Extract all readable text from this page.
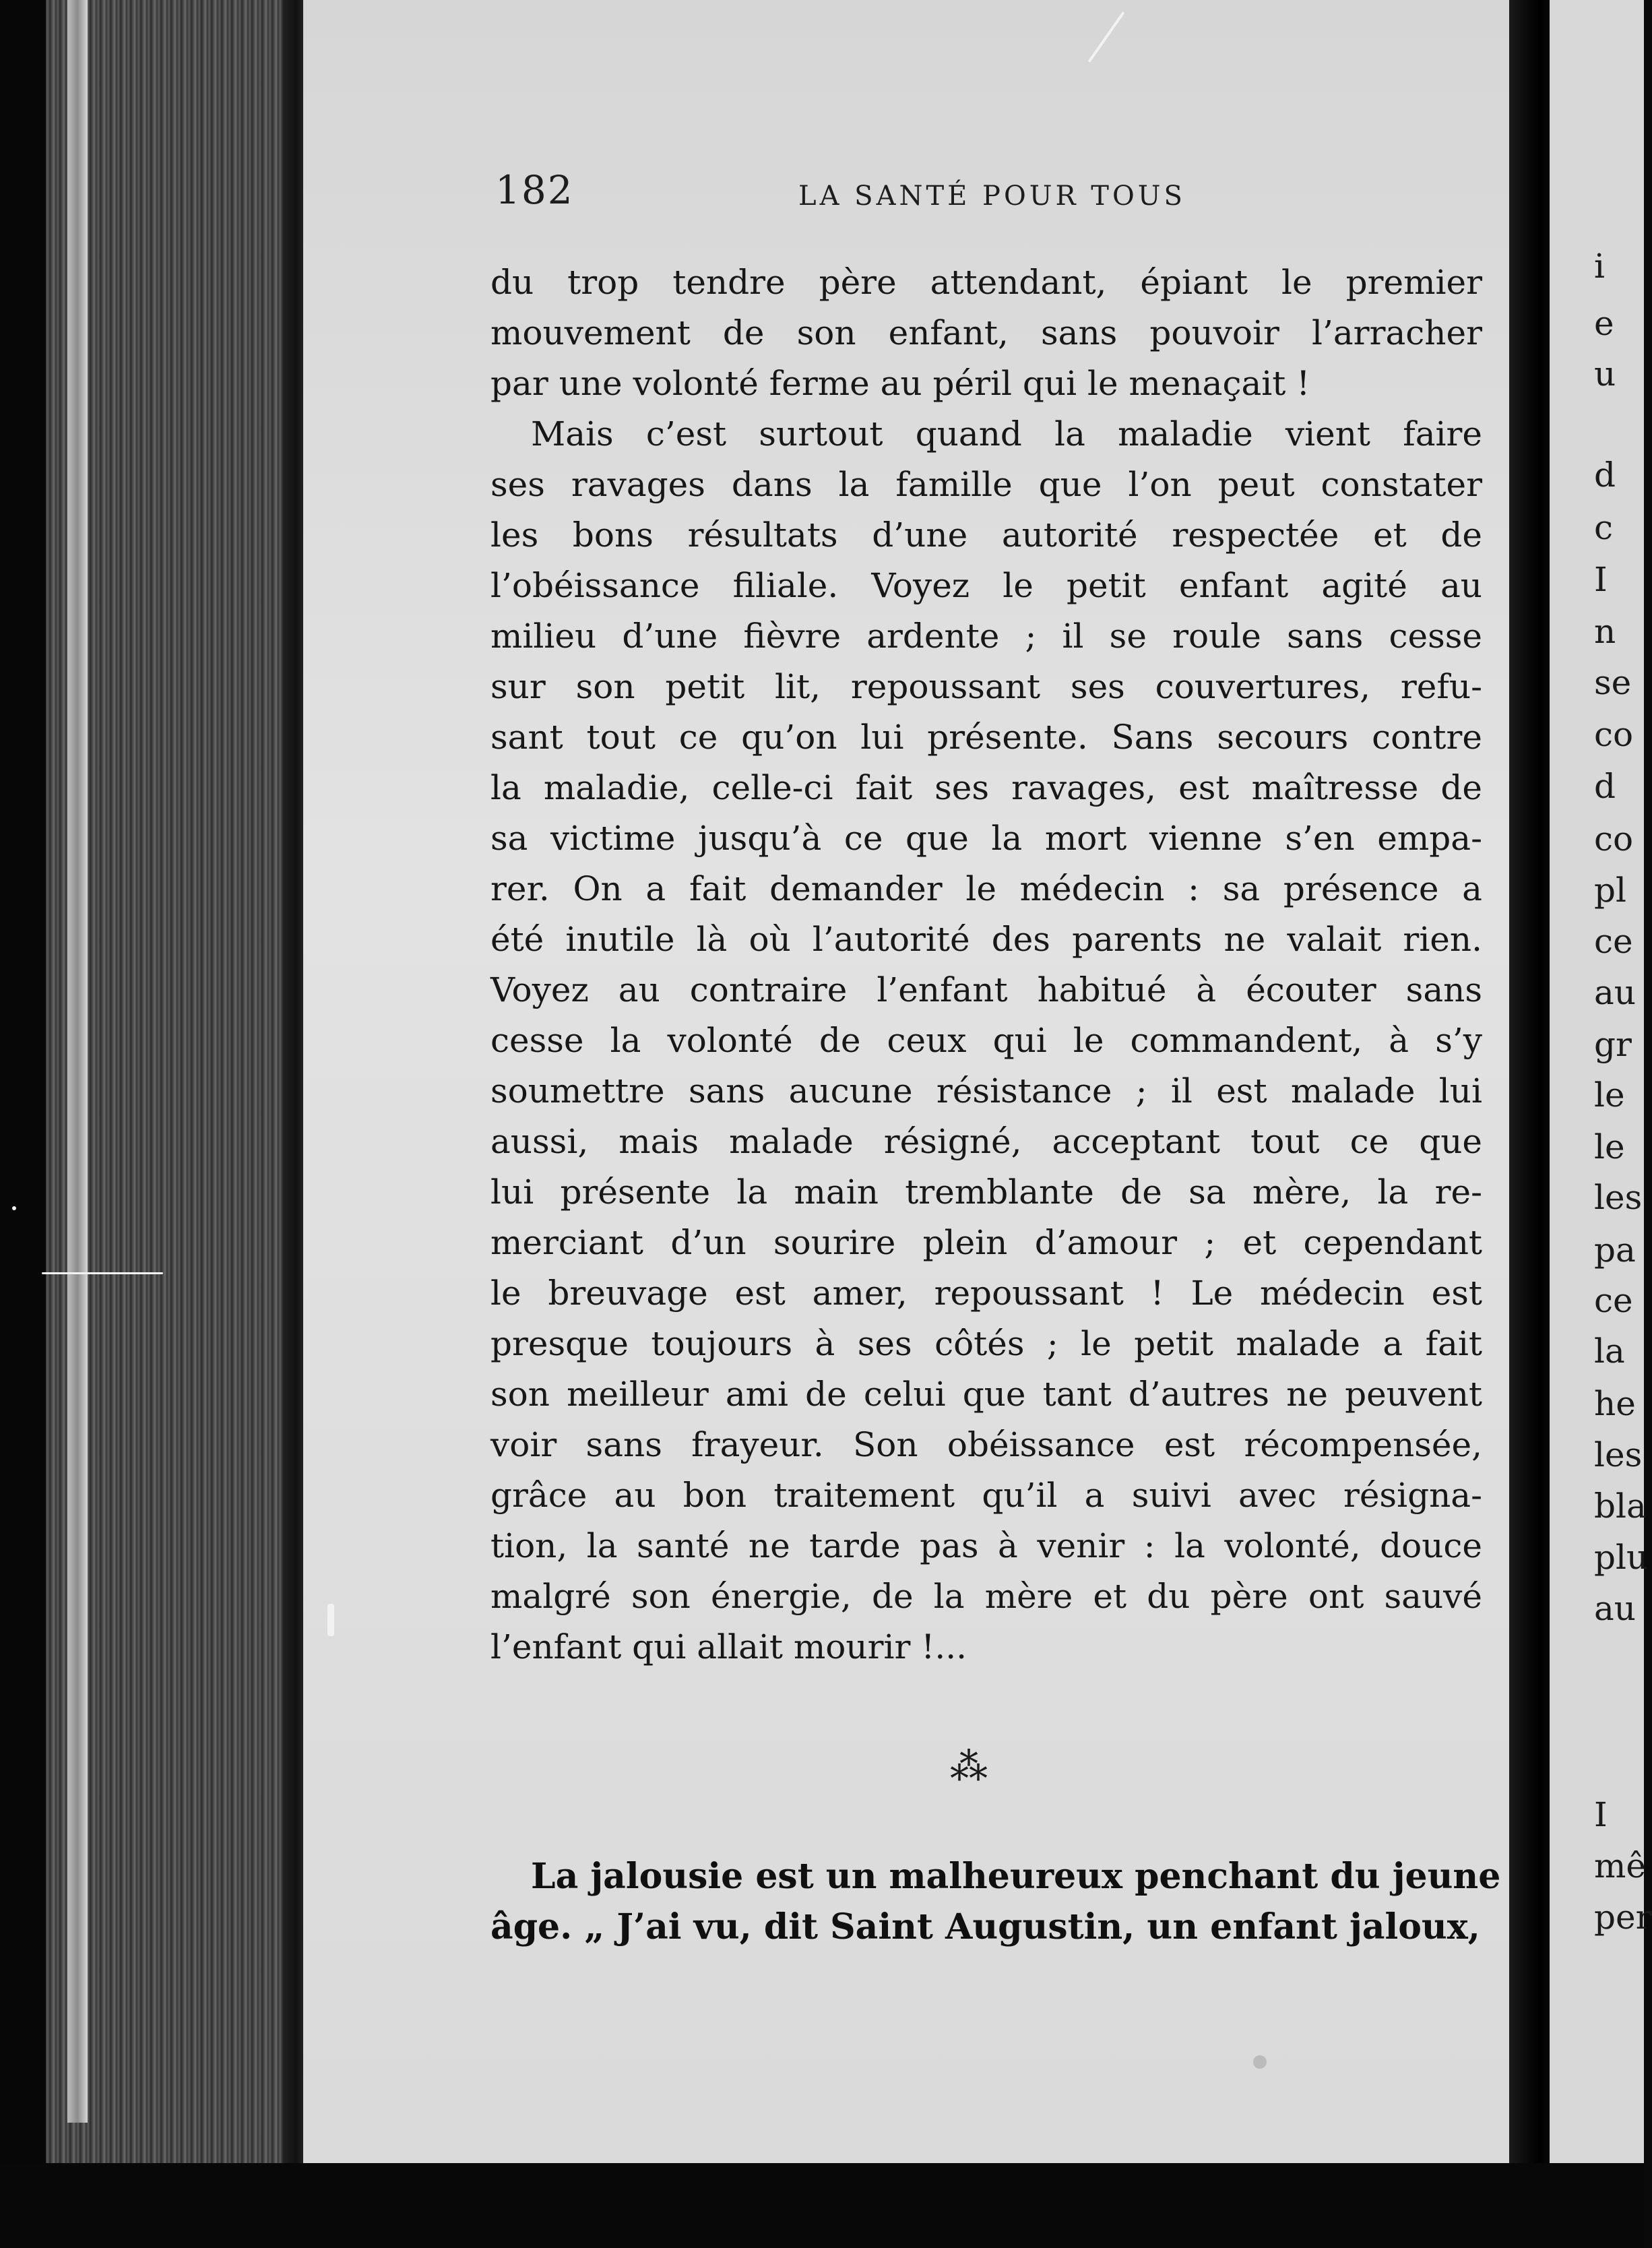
182	LA SANTÉ POUR TOUS
du trop tendre père attendant, épiant le premier
mouvement de son enfant, sans pouvoir l’arracher
par une volonté ferme au péril qui le menaçait !
Mais c’est surtout quand la maladie vient faire
ses ravages dans la famille que l’on peut constater
les bons résultats d’une autorité respectée et de
l’obéissance filiale. Voyez le petit enfant agité au
milieu d’une fièvre ardente ; il se roule sans cesse
sur son petit lit, repoussant ses couvertures, refu-
sant tout ce qu’on lui présente. Sans secours contre
la maladie, celle-ci fait ses ravages, est maîtresse de
sa victime jusqu’à ce que la mort vienne s’en empa-
rer. On a fait demander le médecin : sa présence a
été inutile là où l’autorité des parents ne valait rien.
Voyez au contraire l’enfant habitué à écouter sans
cesse la volonté de ceux qui le commandent, à s’y
soumettre sans aucune résistance ; il est malade lui
aussi, mais malade résigné, acceptant tout ce que
lui présente la main tremblante de sa mère, la re-
merciant d’un sourire plein d’amour ; et cependant
le breuvage est amer, repoussant ! Le médecin est
presque toujours à ses côtés ; le petit malade a fait
son meilleur ami de celui que tant d’autres ne peuvent
voir sans frayeur. Son obéissance est récompensée,
grâce au bon traitement qu’il a suivi avec résigna-
tion, la santé ne tarde pas à venir : la volonté, douce
malgré son énergie, de la mère et du père ont sauvé
l’enfant qui allait mourir !...
⁂
La jalousie est un malheureux penchant du jeune
âge. „ J’ai vu, dit Saint Augustin, un enfant jaloux,
i
e
u
d
c
I
n
se
co
d
co
pl
ce
au
gr
le
le
les
pa
ce
la
he
les
bla
plu
au
I
mê
per
